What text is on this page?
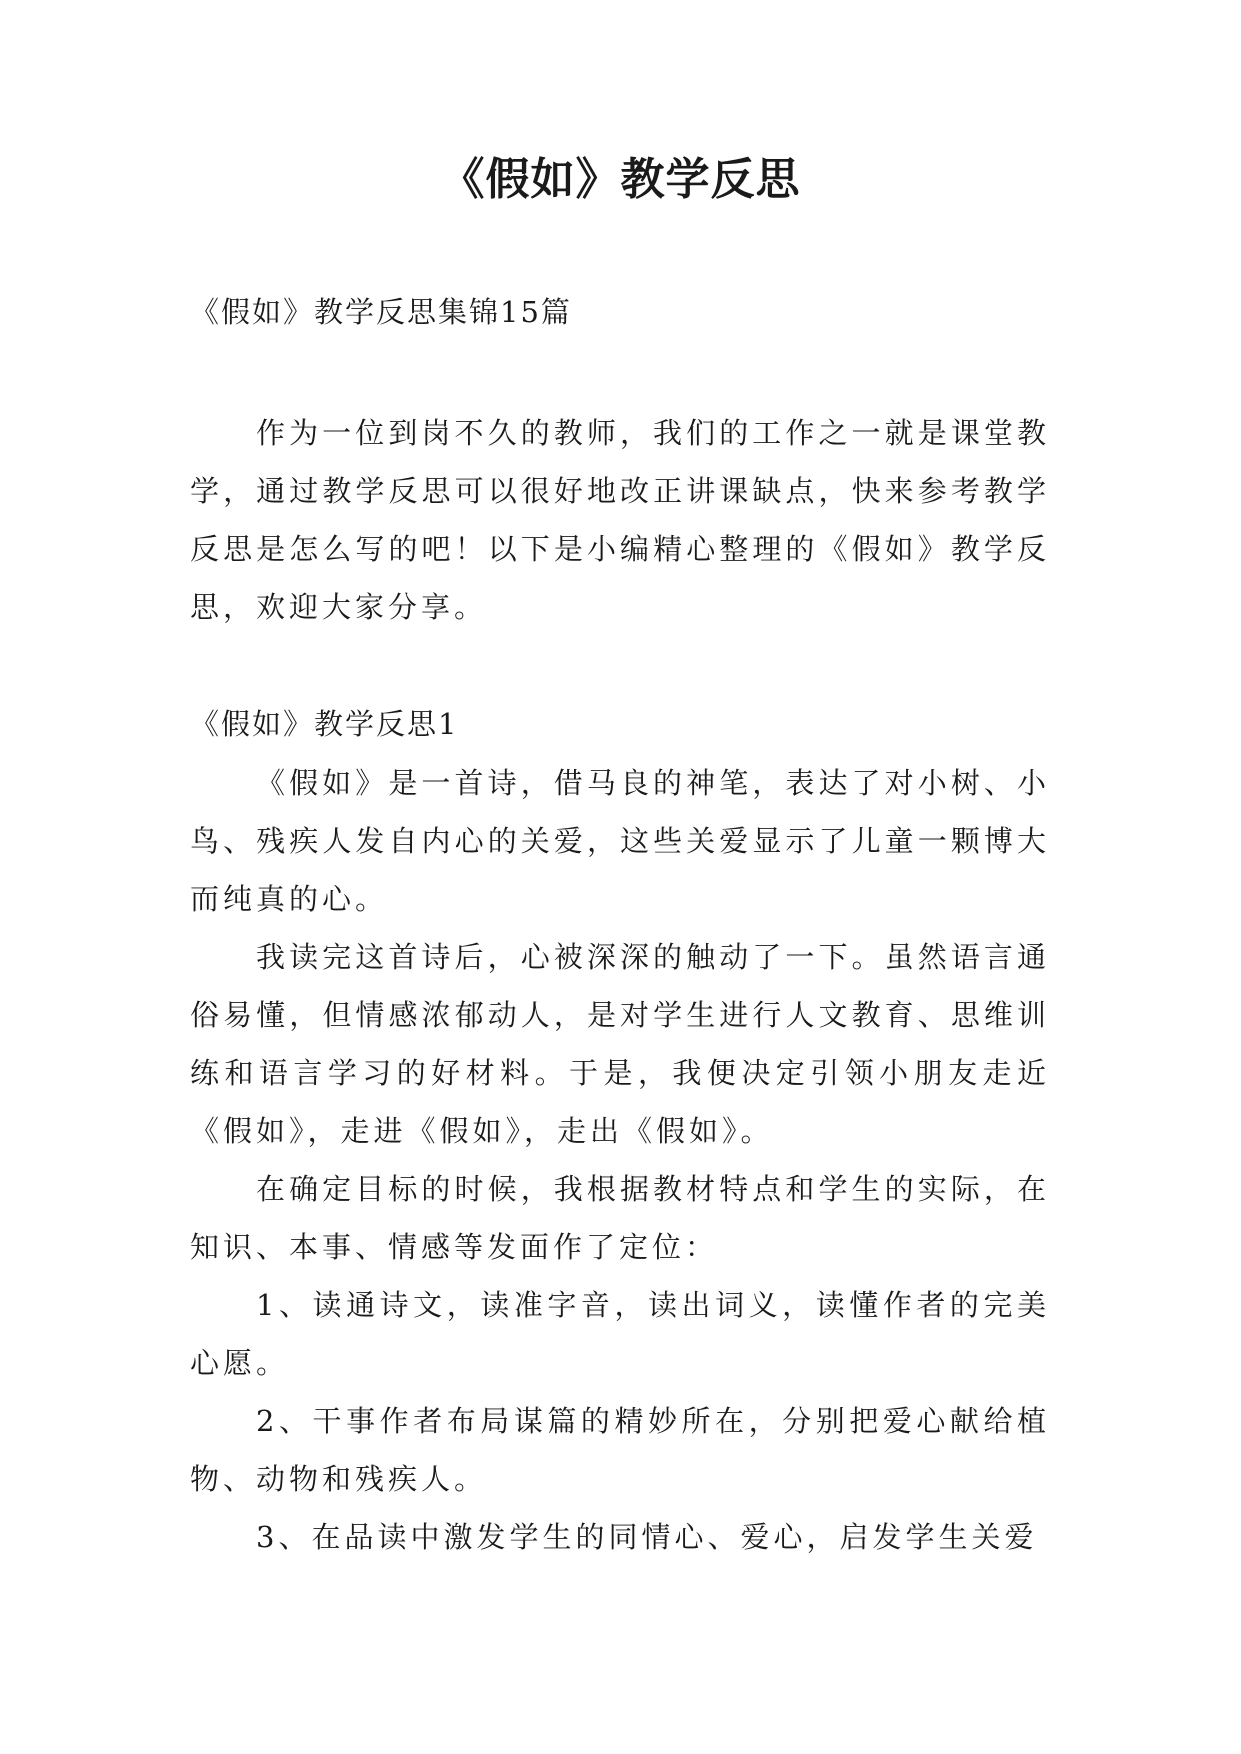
《假如》教学反思

《假如》教学反思集锦15篇

作为一位到岗不久的教师，我们的工作之一就是课堂教学，通过教学反思可以很好地改正讲课缺点，快来参考教学反思是怎么写的吧！以下是小编精心整理的《假如》教学反思，欢迎大家分享。

《假如》教学反思1

《假如》是一首诗，借马良的神笔，表达了对小树、小鸟、残疾人发自内心的关爱，这些关爱显示了儿童一颗博大而纯真的心。

我读完这首诗后，心被深深的触动了一下。虽然语言通俗易懂，但情感浓郁动人，是对学生进行人文教育、思维训练和语言学习的好材料。于是，我便决定引领小朋友走近《假如》，走进《假如》，走出《假如》。

在确定目标的时候，我根据教材特点和学生的实际，在知识、本事、情感等发面作了定位：

1、读通诗文，读准字音，读出词义，读懂作者的完美心愿。

2、干事作者布局谋篇的精妙所在，分别把爱心献给植物、动物和残疾人。

3、在品读中激发学生的同情心、爱心，启发学生关爱
